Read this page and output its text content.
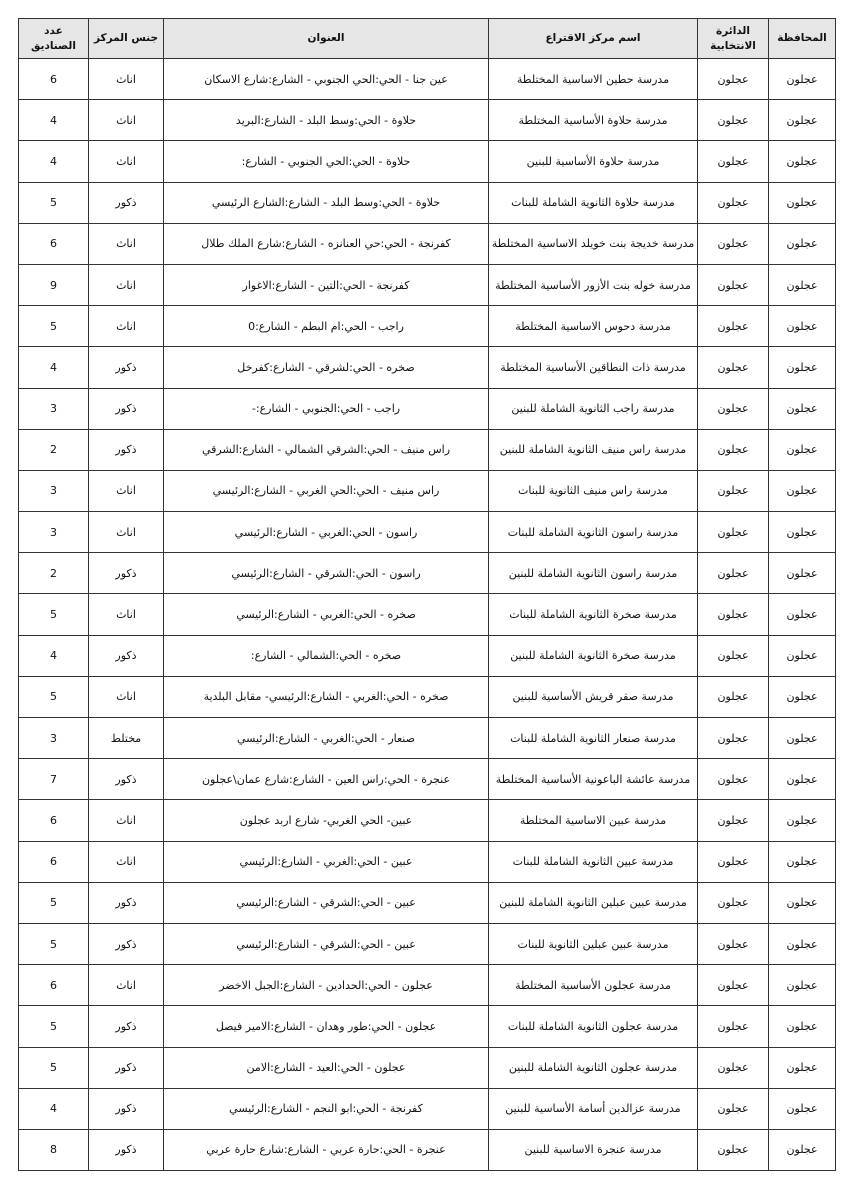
المحافظة	الدائرة الانتخابية	اسم مركز الاقتراع	العنوان	جنس المركز	عدد الصناديق
عجلون	عجلون	مدرسة حطين الاساسية المختلطة	عين جنا - الحي:الحي الجنوبي - الشارع:شارع الاسكان	اناث	6
عجلون	عجلون	مدرسة حلاوة الأساسية المختلطة	حلاوة - الحي:وسط البلد - الشارع:البريد	اناث	4
عجلون	عجلون	مدرسة حلاوة الأساسية للبنين	حلاوة - الحي:الحي الجنوبي - الشارع:	اناث	4
عجلون	عجلون	مدرسة حلاوة الثانوية الشاملة للبنات	حلاوة - الحي:وسط البلد - الشارع:الشارع الرئيسي	ذكور	5
عجلون	عجلون	مدرسة خديجة بنت خويلد الاساسية المختلطة	كفرنجة - الحي:حي العنانزه - الشارع:شارع الملك طلال	اناث	6
عجلون	عجلون	مدرسة خوله بنت الأزور الأساسية المختلطة	كفرنجة - الحي:التين - الشارع:الاغوار	اناث	9
عجلون	عجلون	مدرسة دحوس الاساسية المختلطة	راجب - الحي:ام البطم - الشارع:0	اناث	5
عجلون	عجلون	مدرسة ذات النطاقين الأساسية المختلطة	صخره - الحي:لشرقي - الشارع:كفرخل	ذكور	4
عجلون	عجلون	مدرسة راجب الثانوية الشاملة للبنين	راجب - الحي:الجنوبي - الشارع:-	ذكور	3
عجلون	عجلون	مدرسة راس منيف الثانوية الشاملة للبنين	راس منيف - الحي:الشرقي الشمالي - الشارع:الشرقي	ذكور	2
عجلون	عجلون	مدرسة راس منيف الثانوية للبنات	راس منيف - الحي:الحي الغربي - الشارع:الرئيسي	اناث	3
عجلون	عجلون	مدرسة راسون الثانوية الشاملة للبنات	راسون - الحي:الغربي - الشارع:الرئيسي	اناث	3
عجلون	عجلون	مدرسة راسون الثانوية الشاملة للبنين	راسون - الحي:الشرقي - الشارع:الرئيسي	ذكور	2
عجلون	عجلون	مدرسة صخرة الثانوية الشاملة للبنات	صخره - الحي:الغربي - الشارع:الرئيسي	اناث	5
عجلون	عجلون	مدرسة صخرة الثانوية الشاملة للبنين	صخره - الحي:الشمالي - الشارع:	ذكور	4
عجلون	عجلون	مدرسة صقر قريش الأساسية للبنين	صخره - الحي:الغربي - الشارع:الرئيسي- مقابل البلدية	اناث	5
عجلون	عجلون	مدرسة صنعار الثانوية الشاملة للبنات	صنعار - الحي:الغربي - الشارع:الرئيسي	مختلط	3
عجلون	عجلون	مدرسة عائشة الباعونية الأساسية المختلطة	عنجرة - الحي:راس العين - الشارع:شارع عمان\عجلون	ذكور	7
عجلون	عجلون	مدرسة عبين الاساسية المختلطة	عبين- الحي الغربي- شارع اربد عجلون	اناث	6
عجلون	عجلون	مدرسة عبين الثانوية الشاملة للبنات	عبين - الحي:الغربي - الشارع:الرئيسي	اناث	6
عجلون	عجلون	مدرسة عبين عبلين الثانوية الشاملة للبنين	عبين - الحي:الشرقي - الشارع:الرئيسي	ذكور	5
عجلون	عجلون	مدرسة عبين عبلين الثانوية للبنات	عبين - الحي:الشرقي - الشارع:الرئيسي	ذكور	5
عجلون	عجلون	مدرسة عجلون الأساسية المختلطة	عجلون - الحي:الحدادين - الشارع:الجبل الاخضر	اناث	6
عجلون	عجلون	مدرسة عجلون الثانوية الشاملة للبنات	عجلون - الحي:طور وهدان - الشارع:الامير فيصل	ذكور	5
عجلون	عجلون	مدرسة عجلون الثانوية الشاملة للبنين	عجلون - الحي:العيد - الشارع:الامن	ذكور	5
عجلون	عجلون	مدرسة عزالدين أسامة الأساسية للبنين	كفرنجة - الحي:ابو النجم - الشارع:الرئيسي	ذكور	4
عجلون	عجلون	مدرسة عنجرة الاساسية للبنين	عنجرة - الحي:حارة عربي - الشارع:شارع حارة عربي	ذكور	8
